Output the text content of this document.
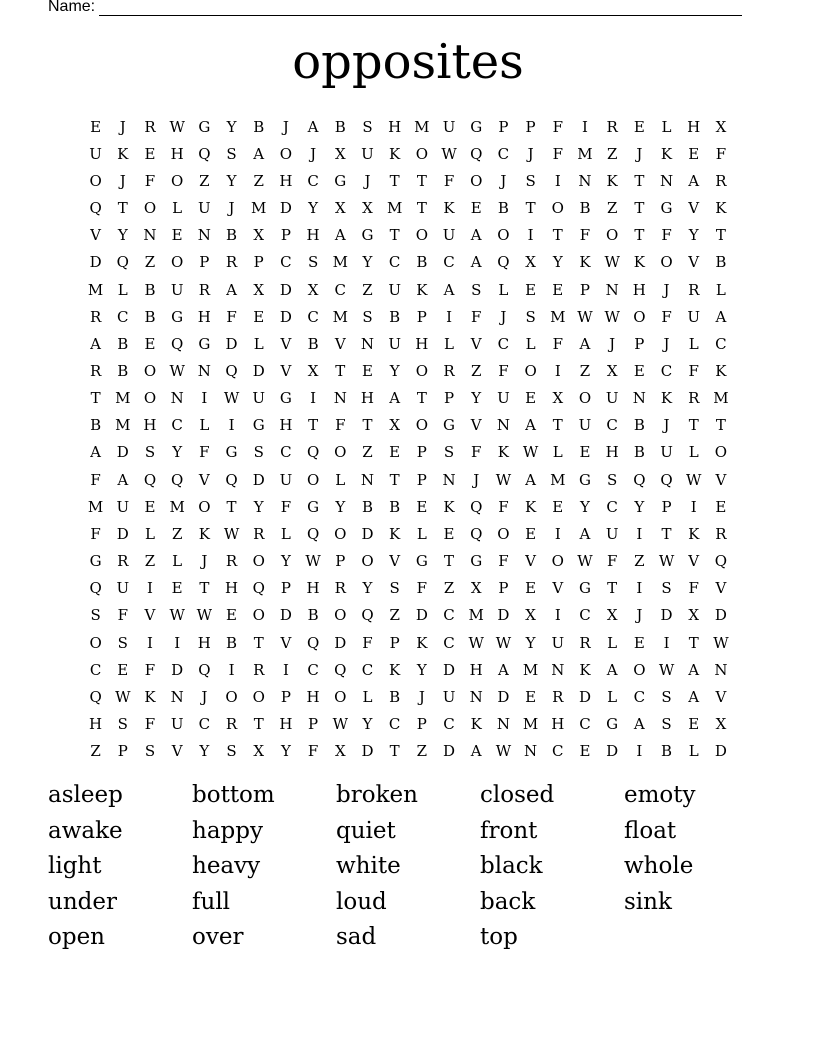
Name:
opposites
E	J	R W G	Y	B	J	A	B	S	H M U G	P	P	F	I	R	E	L	H	X
U	K	E	H Q	S	A	O	J	X	U	K	O W Q	C	J	F M Z	J	K	E	F
O	J	F	O	Z	Y	Z	H C	G	J	T	T	F	O	J	S	I	N	K	T	N	A	R
Q	T	O	L	U	J	M D	Y	X	X M T	K	E	B	T	O	B	Z	T	G	V	K
V	Y	N	E	N	B	X	P	H	A	G	T	O U	A	O	I	T	F	O	T	F	Y	T
D	Q	Z	O	P	R	P	C	S M Y	C	B	C	A	Q	X	Y	K W K	O	V	B
M L	B	U	R	A	X	D	X	C	Z	U	K	A	S	L	E	E	P	N H	J	R	L
R	C	B	G H	F	E	D	C M S	B	P	I	F	J	S M W W O	F	U	A
A	B	E	Q	G	D	L	V	B	V	N U H	L	V	C	L	F	A	J	P	J	L	C
R	B	O W N Q	D	V	X	T	E	Y	O	R	Z	F	O	I	Z	X	E	C	F	K
T M O N	I	W U G	I	N H	A	T	P	Y	U	E	X	O U N	K	R M
B M H C	L	I	G H	T	F	T	X	O	G	V	N	A	T	U	C	B	J	T	T
A	D	S	Y	F	G	S	C	Q O	Z	E	P	S	F	K W L	E	H	B	U	L	O
F	A	Q Q	V	Q	D U O	L	N	T	P	N	J	W A M G	S	Q Q W V
M U	E M O	T	Y	F	G	Y	B	B	E	K	Q	F	K	E	Y	C	Y	P	I	E
F	D	L	Z	K W R	L	Q O	D	K	L	E	Q O	E	I	A	U	I	T	K	R
G	R	Z	L	J	R	O	Y W P	O	V	G	T	G	F	V	O W F	Z W V	Q
Q U	I	E	T	H Q	P	H R	Y	S	F	Z	X	P	E	V	G	T	I	S	F	V
S	F	V W W E	O	D	B	O Q	Z	D	C M D	X	I	C	X	J	D	X	D
O	S	I	I	H	B	T	V	Q	D	F	P	K	C W W Y	U	R	L	E	I	T W
C	E	F	D	Q	I	R	I	C	Q	C	K	Y	D H	A M N	K	A	O W A	N
Q W K	N	J	O O	P	H O	L	B	J	U N D	E	R	D	L	C	S	A	V
H	S	F	U	C	R	T	H	P W Y	C	P	C	K	N M H C	G	A	S	E	X
Z	P	S	V	Y	S	X	Y	F	X	D	T	Z	D	A W N C	E	D	I	B	L	D
asleep	bottom	broken	closed	emoty
awake	happy	quiet	front	float
light	heavy	white	black	whole
under	full	loud	back	sink
open	over	sad	top
